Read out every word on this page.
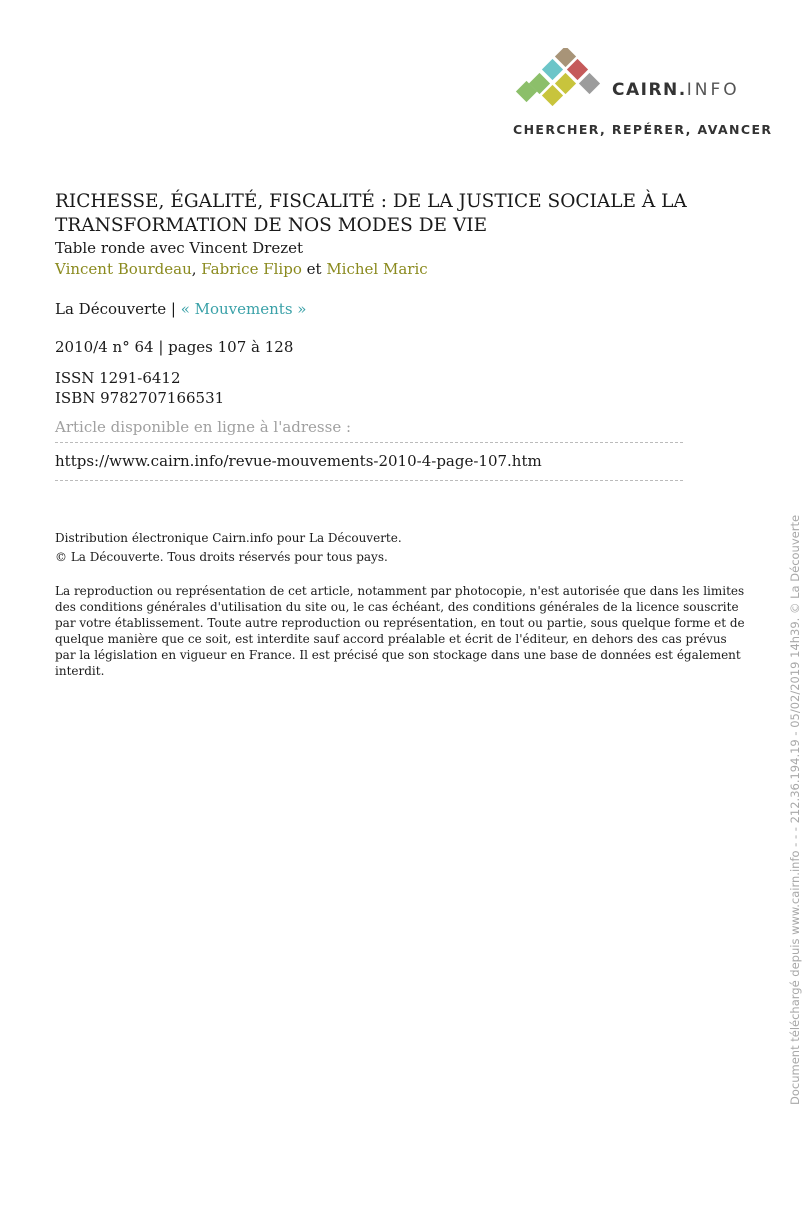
CAIRN.INFO
CHERCHER, REPÉRER, AVANCER
RICHESSE, ÉGALITÉ, FISCALITÉ : DE LA JUSTICE SOCIALE À LA
TRANSFORMATION DE NOS MODES DE VIE
Table ronde avec Vincent Drezet
Vincent Bourdeau, Fabrice Flipo et Michel Maric
La Découverte | « Mouvements »
2010/4 n° 64 | pages 107 à 128
ISSN 1291-6412
ISBN 9782707166531
Article disponible en ligne à l'adresse :
https://www.cairn.info/revue-mouvements-2010-4-page-107.htm
Distribution électronique Cairn.info pour La Découverte.
© La Découverte. Tous droits réservés pour tous pays.
La reproduction ou représentation de cet article, notamment par photocopie, n'est autorisée que dans les limites des conditions générales d'utilisation du site ou, le cas échéant, des conditions générales de la licence souscrite par votre établissement. Toute autre reproduction ou représentation, en tout ou partie, sous quelque forme et de quelque manière que ce soit, est interdite sauf accord préalable et écrit de l'éditeur, en dehors des cas prévus par la législation en vigueur en France. Il est précisé que son stockage dans une base de données est également interdit.	Document téléchargé depuis www.cairn.info - - - 212.36.194.19 - 05/02/2019 14h39. © La Découverte
